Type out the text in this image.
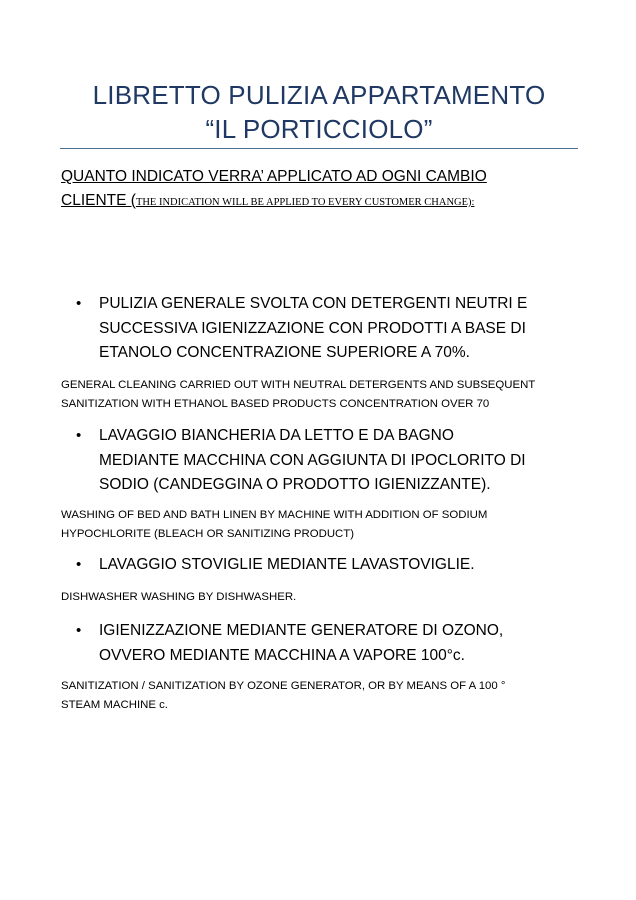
LIBRETTO PULIZIA APPARTAMENTO
“IL PORTICCIOLO”
QUANTO INDICATO VERRA’ APPLICATO AD OGNI CAMBIO
CLIENTE (THE INDICATION WILL BE APPLIED TO EVERY CUSTOMER CHANGE):
•	PULIZIA GENERALE SVOLTA CON DETERGENTI NEUTRI E
SUCCESSIVA IGIENIZZAZIONE CON PRODOTTI A BASE DI
ETANOLO CONCENTRAZIONE SUPERIORE A 70%.
GENERAL CLEANING CARRIED OUT WITH NEUTRAL DETERGENTS AND SUBSEQUENT
SANITIZATION WITH ETHANOL BASED PRODUCTS CONCENTRATION OVER 70
•	LAVAGGIO BIANCHERIA DA LETTO E DA BAGNO
MEDIANTE MACCHINA CON AGGIUNTA DI IPOCLORITO DI
SODIO (CANDEGGINA O PRODOTTO IGIENIZZANTE).
WASHING OF BED AND BATH LINEN BY MACHINE WITH ADDITION OF SODIUM
HYPOCHLORITE (BLEACH OR SANITIZING PRODUCT)
•	LAVAGGIO STOVIGLIE MEDIANTE LAVASTOVIGLIE.
DISHWASHER WASHING BY DISHWASHER.
•	IGIENIZZAZIONE MEDIANTE GENERATORE DI OZONO,
OVVERO MEDIANTE MACCHINA A VAPORE 100°c.
SANITIZATION / SANITIZATION BY OZONE GENERATOR, OR BY MEANS OF A 100 °
STEAM MACHINE c.
